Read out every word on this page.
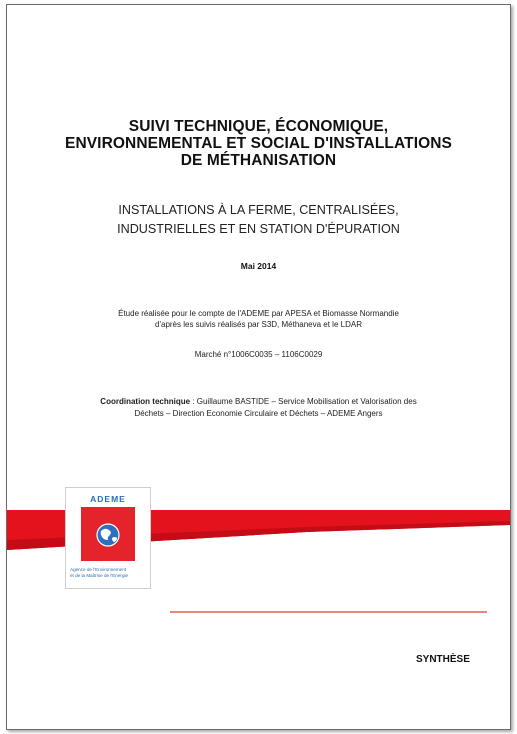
SUIVI TECHNIQUE, ÉCONOMIQUE,
ENVIRONNEMENTAL ET SOCIAL D'INSTALLATIONS
DE MÉTHANISATION
INSTALLATIONS À LA FERME, CENTRALISÉES,
INDUSTRIELLES ET EN STATION D'ÉPURATION
Mai 2014
Étude réalisée pour le compte de l'ADEME par APESA et Biomasse Normandie
d'après les suivis réalisés par S3D, Méthaneva et le LDAR
Marché n°1006C0035 – 1106C0029
Coordination technique : Guillaume BASTIDE – Service Mobilisation et Valorisation des
Déchets – Direction Economie Circulaire et Déchets – ADEME Angers
ADEME
Agence de l'Environnement
et de la Maîtrise de l'Energie
SYNTHÈSE
